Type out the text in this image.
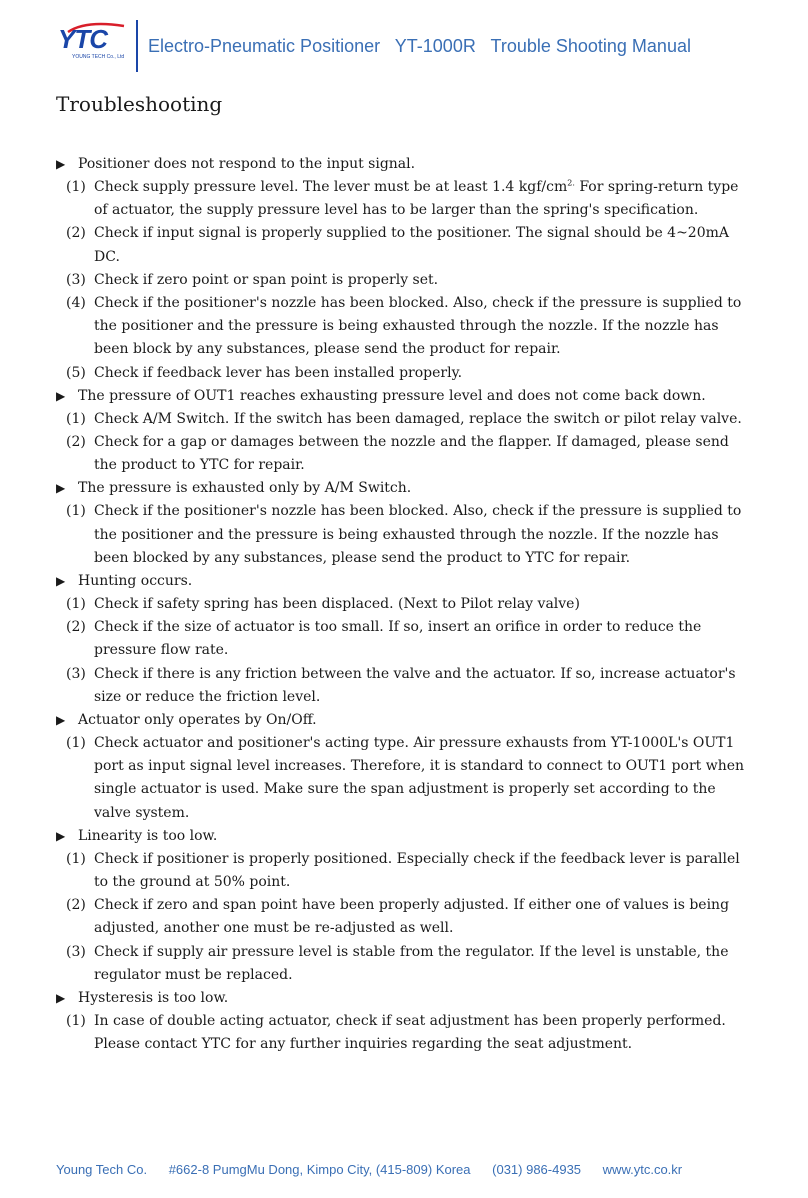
YTC
YOUNG TECH Co., Ltd
Electro-Pneumatic Positioner   YT-1000R   Trouble Shooting Manual
Troubleshooting
▶ Positioner does not respond to the input signal.
(1) Check supply pressure level. The lever must be at least 1.4 kgf/$cm^{2.}$ For spring-return type of actuator, the supply pressure level has to be larger than the spring's specification.
(2) Check if input signal is properly supplied to the positioner. The signal should be 4~20mA DC.
(3) Check if zero point or span point is properly set.
(4) Check if the positioner's nozzle has been blocked. Also, check if the pressure is supplied to the positioner and the pressure is being exhausted through the nozzle. If the nozzle has been block by any substances, please send the product for repair.
(5) Check if feedback lever has been installed properly.
▶ The pressure of OUT1 reaches exhausting pressure level and does not come back down.
(1) Check A/M Switch. If the switch has been damaged, replace the switch or pilot relay valve.
(2) Check for a gap or damages between the nozzle and the flapper. If damaged, please send the product to YTC for repair.
▶ The pressure is exhausted only by A/M Switch.
(1) Check if the positioner's nozzle has been blocked. Also, check if the pressure is supplied to the positioner and the pressure is being exhausted through the nozzle. If the nozzle has been blocked by any substances, please send the product to YTC for repair.
▶ Hunting occurs.
(1) Check if safety spring has been displaced. (Next to Pilot relay valve)
(2) Check if the size of actuator is too small. If so, insert an orifice in order to reduce the pressure flow rate.
(3) Check if there is any friction between the valve and the actuator. If so, increase actuator's size or reduce the friction level.
▶ Actuator only operates by On/Off.
(1) Check actuator and positioner's acting type. Air pressure exhausts from YT-1000L's OUT1 port as input signal level increases. Therefore, it is standard to connect to OUT1 port when single actuator is used. Make sure the span adjustment is properly set according to the valve system.
▶ Linearity is too low.
(1) Check if positioner is properly positioned. Especially check if the feedback lever is parallel to the ground at 50% point.
(2) Check if zero and span point have been properly adjusted. If either one of values is being adjusted, another one must be re-adjusted as well.
(3) Check if supply air pressure level is stable from the regulator. If the level is unstable, the regulator must be replaced.
▶ Hysteresis is too low.
(1) In case of double acting actuator, check if seat adjustment has been properly performed. Please contact YTC for any further inquiries regarding the seat adjustment.
Young Tech Co. #662-8 PumgMu Dong, Kimpo City, (415-809) Korea (031) 986-4935 www.ytc.co.kr
